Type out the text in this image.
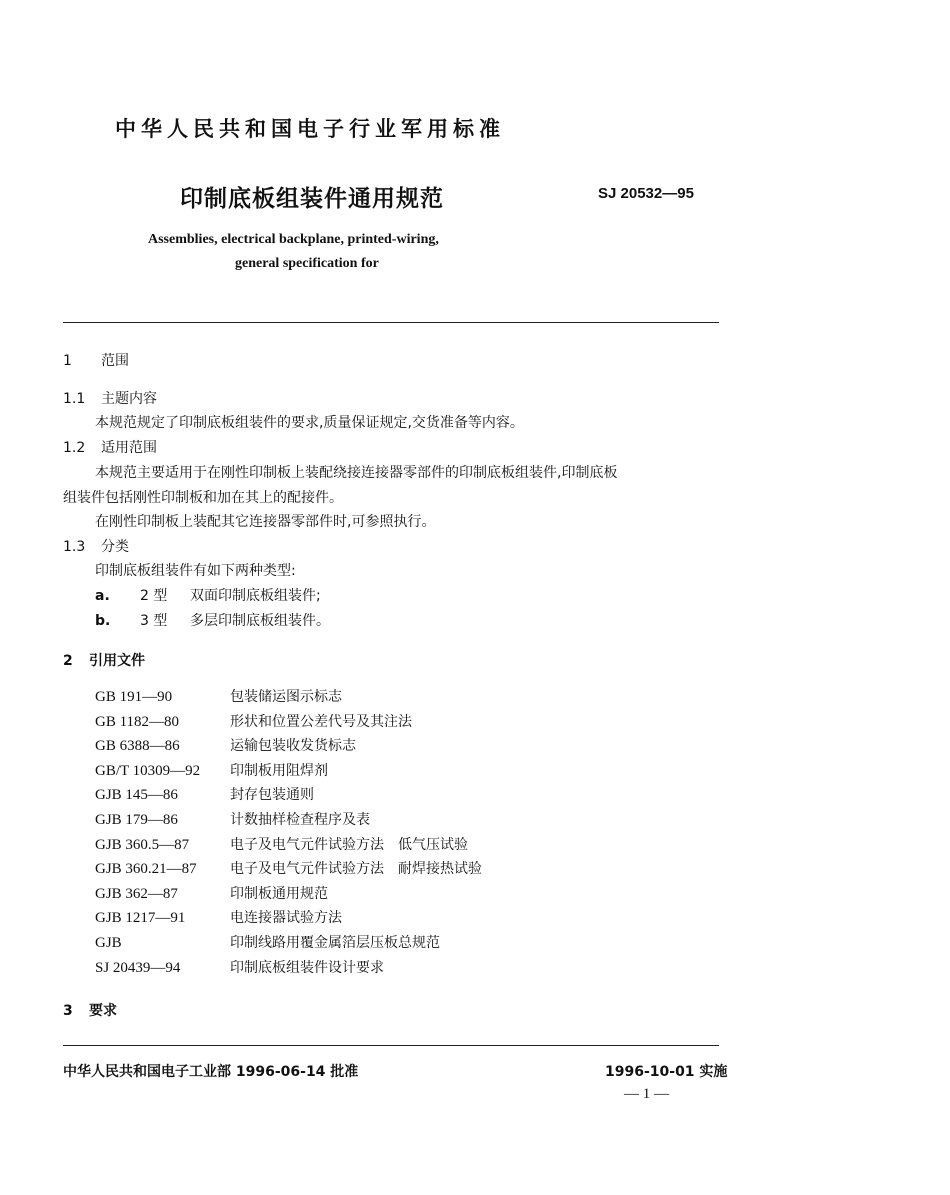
中华人民共和国电子行业军用标准
印制底板组装件通用规范	SJ 20532—95
Assemblies, electrical backplane, printed-wiring,
general specification for
1 范围
1.1 主题内容
本规范规定了印制底板组装件的要求,质量保证规定,交货准备等内容。
1.2 适用范围
本规范主要适用于在刚性印制板上装配绕接连接器零部件的印制底板组装件,印制底板
组装件包括刚性印制板和加在其上的配接件。
在刚性印制板上装配其它连接器零部件时,可参照执行。
1.3 分类
印制底板组装件有如下两种类型:
a. 2 型 双面印制底板组装件;
b. 3 型 多层印制底板组装件。
2 引用文件
GB 191—90	包装储运图示标志
GB 1182—80	形状和位置公差代号及其注法
GB 6388—86	运输包装收发货标志
GB/T 10309—92 印制板用阻焊剂
GJB 145—86	封存包装通则
GJB 179—86	计数抽样检查程序及表
GJB 360.5—87	电子及电气元件试验方法　低气压试验
GJB 360.21—87 电子及电气元件试验方法　耐焊接热试验
GJB 362—87	印制板通用规范
GJB 1217—91	电连接器试验方法
GJB	印制线路用覆金属箔层压板总规范
SJ 20439—94	印制底板组装件设计要求
3 要求
中华人民共和国电子工业部 1996-06-14 批准	1996-10-01 实施
— 1 —
